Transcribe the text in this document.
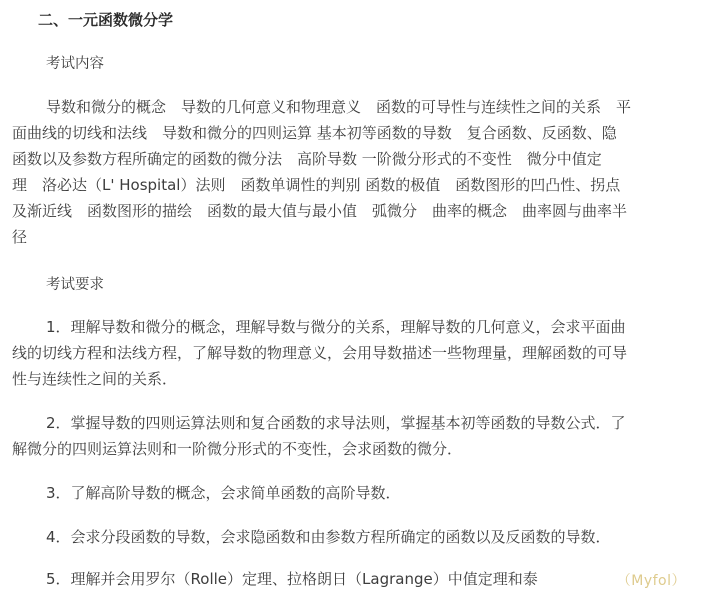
二、一元函数微分学
考试内容
导数和微分的概念　导数的几何意义和物理意义　函数的可导性与连续性之间的关系　平
面曲线的切线和法线　导数和微分的四则运算 基本初等函数的导数　复合函数、反函数、隐
函数以及参数方程所确定的函数的微分法　高阶导数 一阶微分形式的不变性　微分中值定
理　洛必达（L' Hospital）法则　函数单调性的判别 函数的极值　函数图形的凹凸性、拐点
及渐近线　函数图形的描绘　函数的最大值与最小值　弧微分　曲率的概念　曲率圆与曲率半
径
考试要求
1．理解导数和微分的概念，理解导数与微分的关系，理解导数的几何意义，会求平面曲
线的切线方程和法线方程，了解导数的物理意义，会用导数描述一些物理量，理解函数的可导
性与连续性之间的关系．
2．掌握导数的四则运算法则和复合函数的求导法则，掌握基本初等函数的导数公式．了
解微分的四则运算法则和一阶微分形式的不变性，会求函数的微分．
3．了解高阶导数的概念，会求简单函数的高阶导数．
4．会求分段函数的导数，会求隐函数和由参数方程所确定的函数以及反函数的导数．
5．理解并会用罗尔（Rolle）定理、拉格朗日（Lagrange）中值定理和泰	（Myfol）
